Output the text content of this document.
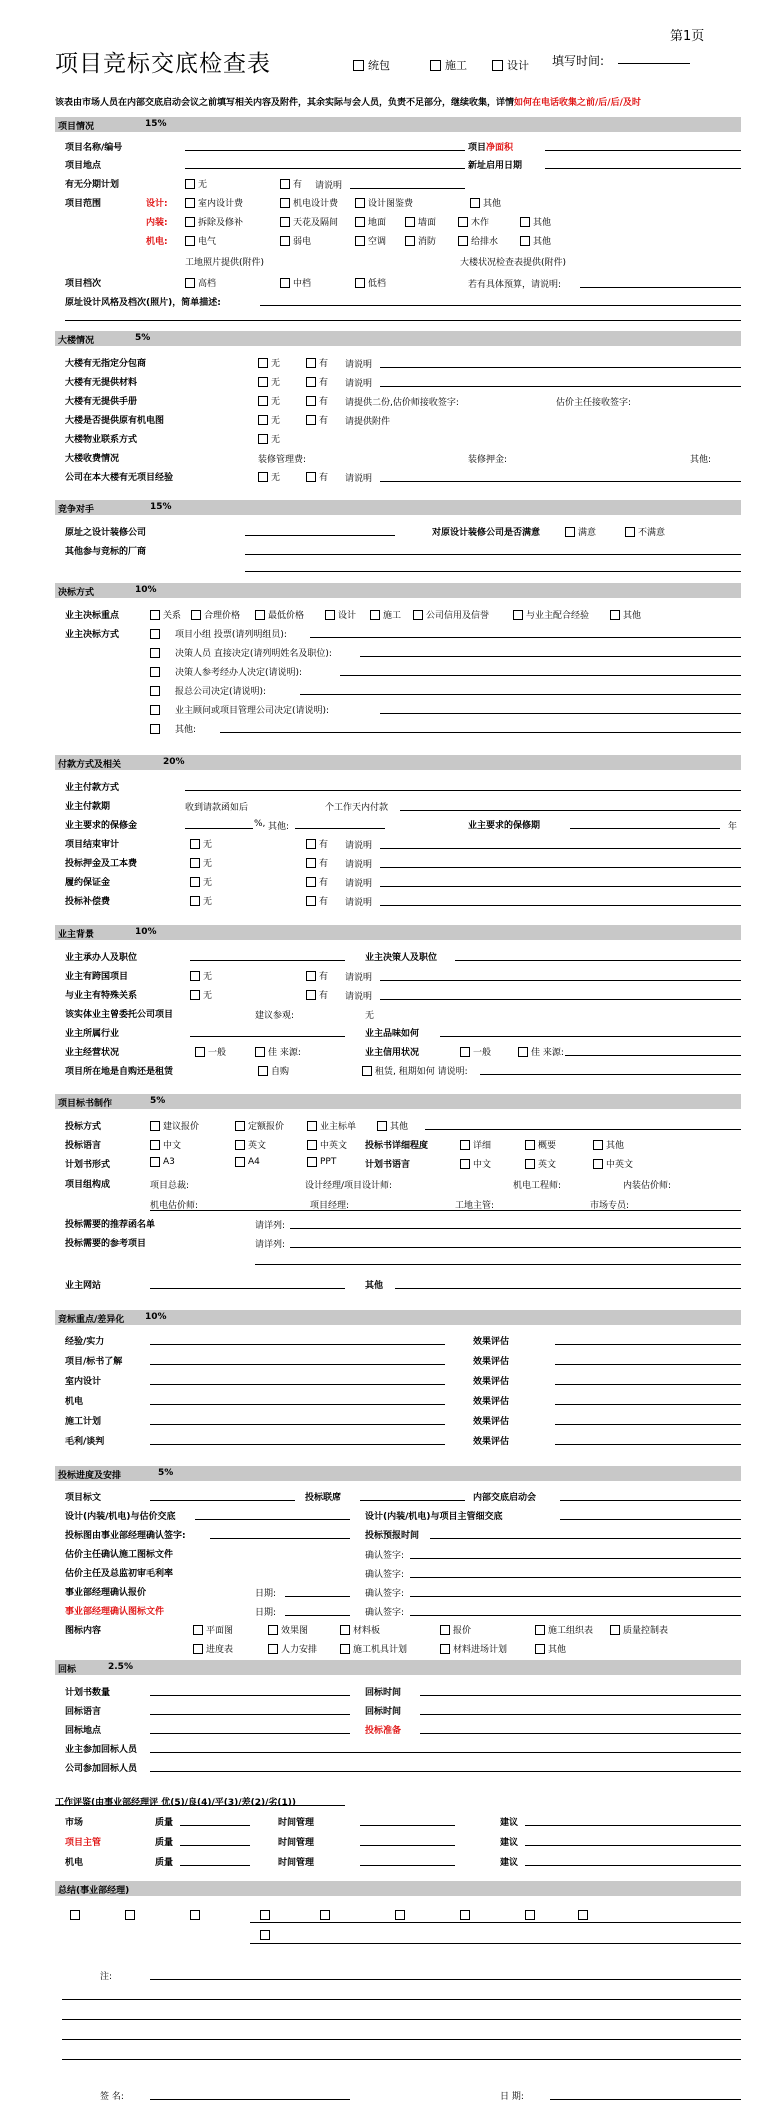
第1页
项目竞标交底检查表	统包	施工	设计 填写时间:
该表由市场人员在内部交底启动会议之前填写相关内容及附件，其余实际与会人员，负责不足部分，继续收集，详情如何在电话收集之前/后/后/及时
项目情况	15%
项目名称/编号	项目净面积
项目地点	新址启用日期
有无分期计划	无	有 请说明
项目范围	设计:	室内设计费	机电设计费	设计图鉴费	其他
内装:	拆除及修补	天花及隔间	地面	墙面	木作	其他
机电:	电气	弱电	空调	消防	给排水	其他
工地照片提供(附件)	大楼状况检查表提供(附件)
项目档次	高档	中档	低档	若有具体预算，请说明:
原址设计风格及档次(照片)，简单描述:
大楼情况	5%
大楼有无指定分包商	无	有 请说明
大楼有无提供材料	无	有 请说明
大楼有无提供手册	无	有 请提供二份,估价师接收签字:	估价主任接收签字:
大楼是否提供原有机电图	无	有 请提供附件
大楼物业联系方式	无
大楼收费情况	装修管理费:	装修押金:	其他:
公司在本大楼有无项目经验	无	有 请说明
竞争对手	15%
原址之设计装修公司	对原设计装修公司是否满意	满意	不满意
其他参与竞标的厂商
决标方式	10%
业主决标重点	关系	合理价格	最低价格	设计	施工	公司信用及信誉	与业主配合经验	其他
业主决标方式	项目小组 投票(请列明组员):
决策人员 直接决定(请列明姓名及职位):
决策人参考经办人决定(请说明):
报总公司决定(请说明):
业主顾问或项目管理公司决定(请说明):
其他:
付款方式及相关	20%
业主付款方式
业主付款期	收到请款函如后	个工作天内付款
业主要求的保修金	%, 其他:	业主要求的保修期	年
项目结束审计	无	有 请说明
投标押金及工本费	无	有 请说明
履约保证金	无	有 请说明
投标补偿费	无	有 请说明
业主背景	10%
业主承办人及职位	业主决策人及职位
业主有跨国项目	无	有 请说明
与业主有特殊关系	无	有 请说明
该实体业主曾委托公司项目	建议参观:	无
业主所属行业	业主品味如何
业主经营状况	一般	佳 来源:	业主信用状况	一般	佳 来源:
项目所在地是自购还是租赁	自购	租赁, 租期如何 请说明:
项目标书制作	5%
投标方式	建议报价	定额报价	业主标单	其他
投标语言	中文	英文	中英文 投标书详细程度	详细	概要	其他
计划书形式	A3	A4	PPT	计划书语言	中文	英文	中英文
项目组构成	项目总裁:	设计经理/项目设计师:	机电工程师:	内装估价师:
机电估价师:	项目经理:	工地主管:	市场专员:
投标需要的推荐函名单	请详列:
投标需要的参考项目	请详列:
业主网站	其他
竞标重点/差异化 10%
经验/实力	效果评估
项目/标书了解	效果评估
室内设计	效果评估
机电	效果评估
施工计划	效果评估
毛利/谈判	效果评估
投标进度及安排	5%
项目标文	投标联席	内部交底启动会
设计(内装/机电)与估价交底	设计(内装/机电)与项目主管细交底
投标图由事业部经理确认签字:	投标预报时间
估价主任确认施工图标文件	确认签字:
估价主任及总监初审毛利率	确认签字:
事业部经理确认报价	日期:	确认签字:
事业部经理确认图标文件	日期:	确认签字:
图标内容	平面图	效果图	材料板	报价	施工组织表	质量控制表
进度表	人力安排	施工机具计划	材料进场计划	其他
回标	2.5%
计划书数量	回标时间
回标语言	回标时间
回标地点	投标准备
业主参加回标人员
公司参加回标人员
工作评鉴(由事业部经理评 优(5)/良(4)/平(3)/差(2)/劣(1))
市场	质量	时间管理	建议
项目主管	质量	时间管理	建议
机电	质量	时间管理	建议
总结(事业部经理)
注:
签 名:	日 期:
